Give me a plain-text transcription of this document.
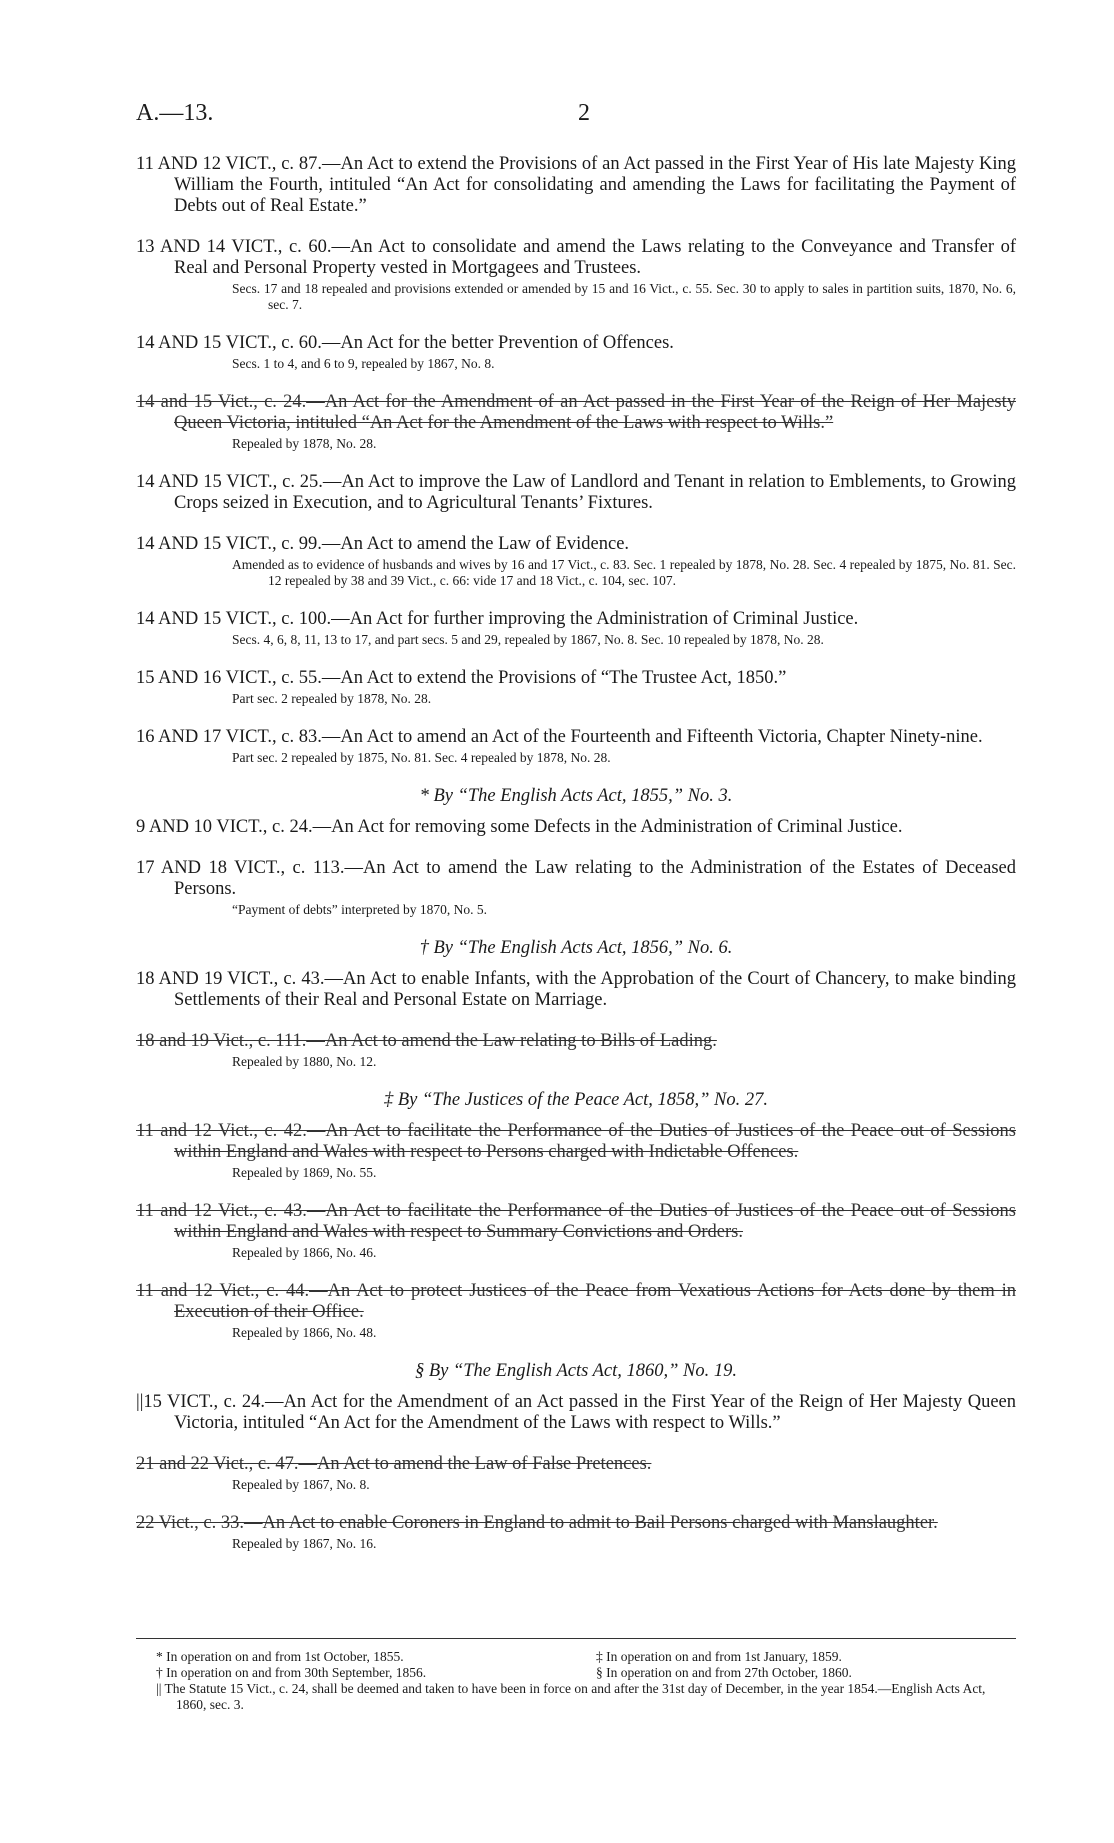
A.—13.	2
11 AND 12 VICT., c. 87.—An Act to extend the Provisions of an Act passed in the First Year of His late Majesty King William the Fourth, intituled “An Act for consolidating and amending the Laws for facilitating the Payment of Debts out of Real Estate.”
13 AND 14 VICT., c. 60.—An Act to consolidate and amend the Laws relating to the Conveyance and Transfer of Real and Personal Property vested in Mortgagees and Trustees.
Secs. 17 and 18 repealed and provisions extended or amended by 15 and 16 Vict., c. 55. Sec. 30 to apply to sales in partition suits, 1870, No. 6, sec. 7.
14 AND 15 VICT., c. 60.—An Act for the better Prevention of Offences.
Secs. 1 to 4, and 6 to 9, repealed by 1867, No. 8.
14 and 15 Vict., c. 24.—An Act for the Amendment of an Act passed in the First Year of the Reign of Her Majesty Queen Victoria, intituled “An Act for the Amendment of the Laws with respect to Wills.”
Repealed by 1878, No. 28.
14 AND 15 VICT., c. 25.—An Act to improve the Law of Landlord and Tenant in relation to Emblements, to Growing Crops seized in Execution, and to Agricultural Tenants’ Fixtures.
14 AND 15 VICT., c. 99.—An Act to amend the Law of Evidence.
Amended as to evidence of husbands and wives by 16 and 17 Vict., c. 83. Sec. 1 repealed by 1878, No. 28. Sec. 4 repealed by 1875, No. 81. Sec. 12 repealed by 38 and 39 Vict., c. 66: vide 17 and 18 Vict., c. 104, sec. 107.
14 AND 15 VICT., c. 100.—An Act for further improving the Administration of Criminal Justice.
Secs. 4, 6, 8, 11, 13 to 17, and part secs. 5 and 29, repealed by 1867, No. 8. Sec. 10 repealed by 1878, No. 28.
15 AND 16 VICT., c. 55.—An Act to extend the Provisions of “The Trustee Act, 1850.”
Part sec. 2 repealed by 1878, No. 28.
16 AND 17 VICT., c. 83.—An Act to amend an Act of the Fourteenth and Fifteenth Victoria, Chapter Ninety-nine.
Part sec. 2 repealed by 1875, No. 81. Sec. 4 repealed by 1878, No. 28.
* By “The English Acts Act, 1855,” No. 3.
9 AND 10 VICT., c. 24.—An Act for removing some Defects in the Administration of Criminal Justice.
17 AND 18 VICT., c. 113.—An Act to amend the Law relating to the Administration of the Estates of Deceased Persons.
“Payment of debts” interpreted by 1870, No. 5.
† By “The English Acts Act, 1856,” No. 6.
18 AND 19 VICT., c. 43.—An Act to enable Infants, with the Approbation of the Court of Chancery, to make binding Settlements of their Real and Personal Estate on Marriage.
18 and 19 Vict., c. 111.—An Act to amend the Law relating to Bills of Lading.
Repealed by 1880, No. 12.
‡ By “The Justices of the Peace Act, 1858,” No. 27.
11 and 12 Vict., c. 42.—An Act to facilitate the Performance of the Duties of Justices of the Peace out of Sessions within England and Wales with respect to Persons charged with Indictable Offences.
Repealed by 1869, No. 55.
11 and 12 Vict., c. 43.—An Act to facilitate the Performance of the Duties of Justices of the Peace out of Sessions within England and Wales with respect to Summary Convictions and Orders.
Repealed by 1866, No. 46.
11 and 12 Vict., c. 44.—An Act to protect Justices of the Peace from Vexatious Actions for Acts done by them in Execution of their Office.
Repealed by 1866, No. 48.
§ By “The English Acts Act, 1860,” No. 19.
||15 VICT., c. 24.—An Act for the Amendment of an Act passed in the First Year of the Reign of Her Majesty Queen Victoria, intituled “An Act for the Amendment of the Laws with respect to Wills.”
21 and 22 Vict., c. 47.—An Act to amend the Law of False Pretences.
Repealed by 1867, No. 8.
22 Vict., c. 33.—An Act to enable Coroners in England to admit to Bail Persons charged with Manslaughter.
Repealed by 1867, No. 16.
* In operation on and from 1st October, 1855.	‡ In operation on and from 1st January, 1859.
† In operation on and from 30th September, 1856.	§ In operation on and from 27th October, 1860.
|| The Statute 15 Vict., c. 24, shall be deemed and taken to have been in force on and after the 31st day of December, in the year 1854.—English Acts Act, 1860, sec. 3.
